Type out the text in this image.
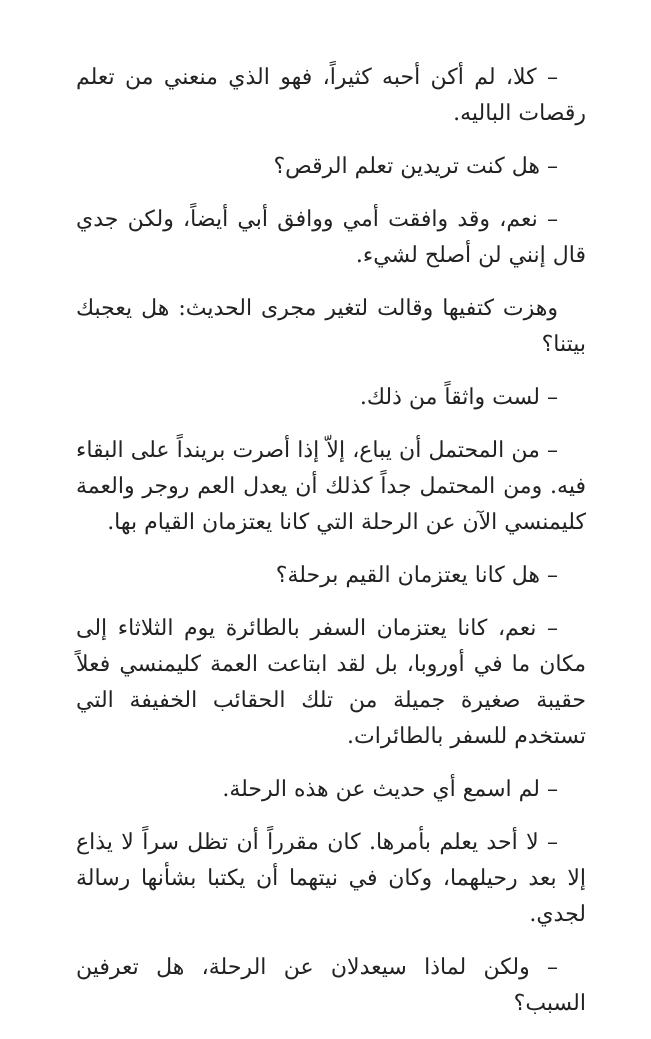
– كلا، لم أكن أحبه كثيراً، فهو الذي منعني من تعلم رقصات الباليه.

– هل كنت تريدين تعلم الرقص؟

– نعم، وقد وافقت أمي ووافق أبي أيضاً، ولكن جدي قال إنني لن أصلح لشيء.

وهزت كتفيها وقالت لتغير مجرى الحديث: هل يعجبك بيتنا؟

– لست واثقاً من ذلك.

– من المحتمل أن يباع، إلاّ إذا أصرت برينداً على البقاء فيه. ومن المحتمل جداً كذلك أن يعدل العم روجر والعمة كليمنسي الآن عن الرحلة التي كانا يعتزمان القيام بها.

– هل كانا يعتزمان القيم برحلة؟

– نعم، كانا يعتزمان السفر بالطائرة يوم الثلاثاء إلى مكان ما في أوروبا، بل لقد ابتاعت العمة كليمنسي فعلاً حقيبة صغيرة جميلة من تلك الحقائب الخفيفة التي تستخدم للسفر بالطائرات.

– لم اسمع أي حديث عن هذه الرحلة.

– لا أحد يعلم بأمرها. كان مقرراً أن تظل سراً لا يذاع إلا بعد رحيلهما، وكان في نيتهما أن يكتبا بشأنها رسالة لجدي.

– ولكن لماذا سيعدلان عن الرحلة، هل تعرفين السبب؟
